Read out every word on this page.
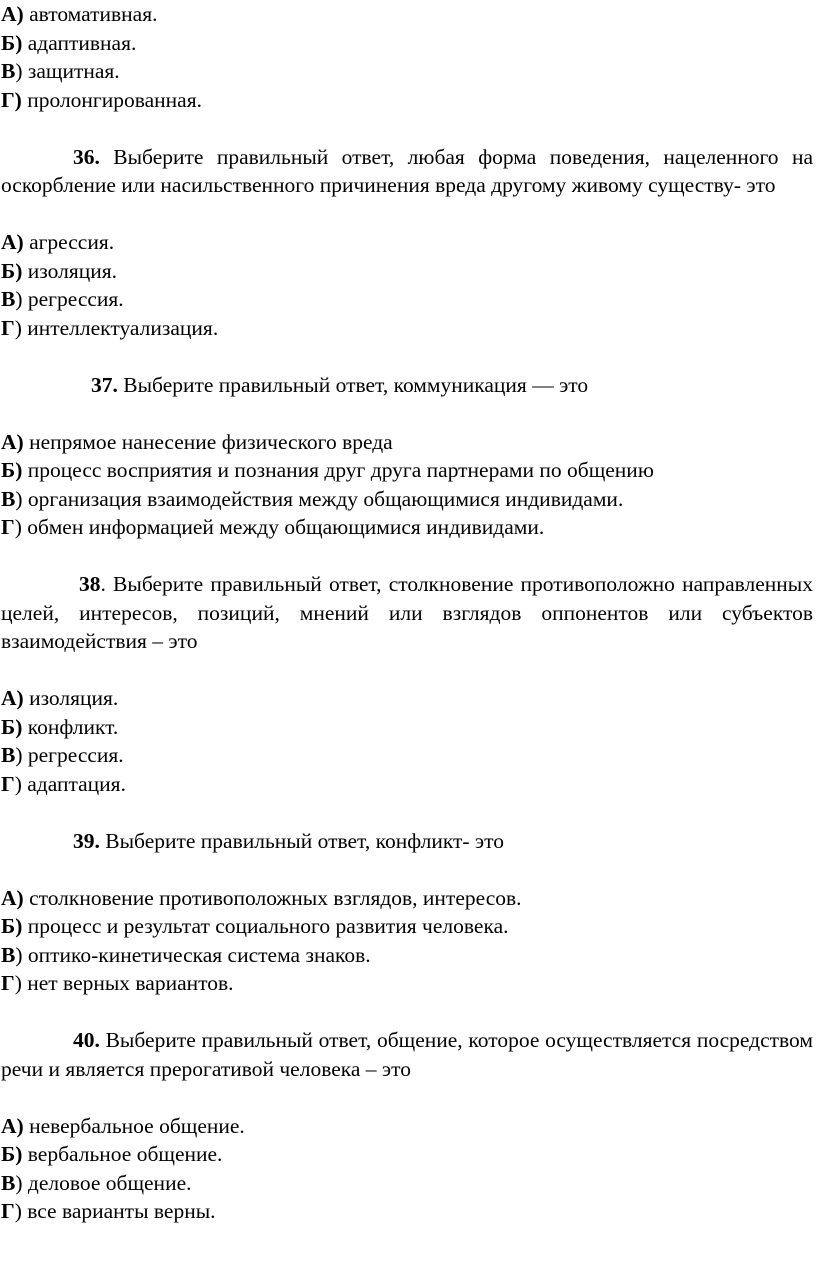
А) автомативная.

Б) адаптивная.

В) защитная.

Г) пролонгированная.

36. Выберите правильный ответ, любая форма поведения, нацеленного на оскорбление или насильственного причинения вреда другому живому существу- это

А) агрессия.

Б) изоляция.

В) регрессия.

Г) интеллектуализация.

37. Выберите правильный ответ, коммуникация — это

А) непрямое нанесение физического вреда

Б) процесс восприятия и познания друг друга партнерами по общению

В) организация взаимодействия между общающимися индивидами.

Г) обмен информацией между общающимися индивидами.

38. Выберите правильный ответ, столкновение противоположно направленных целей, интересов, позиций, мнений или взглядов оппонентов или субъектов взаимодействия – это

А) изоляция.

Б) конфликт.

В) регрессия.

Г) адаптация.

39. Выберите правильный ответ, конфликт- это

А) столкновение противоположных взглядов, интересов.

Б) процесс и результат социального развития человека.

В) оптико-кинетическая система знаков.

Г) нет верных вариантов.

40. Выберите правильный ответ, общение, которое осуществляется посредством речи и является прерогативой человека – это

А) невербальное общение.

Б) вербальное общение.

В) деловое общение.

Г) все варианты верны.
